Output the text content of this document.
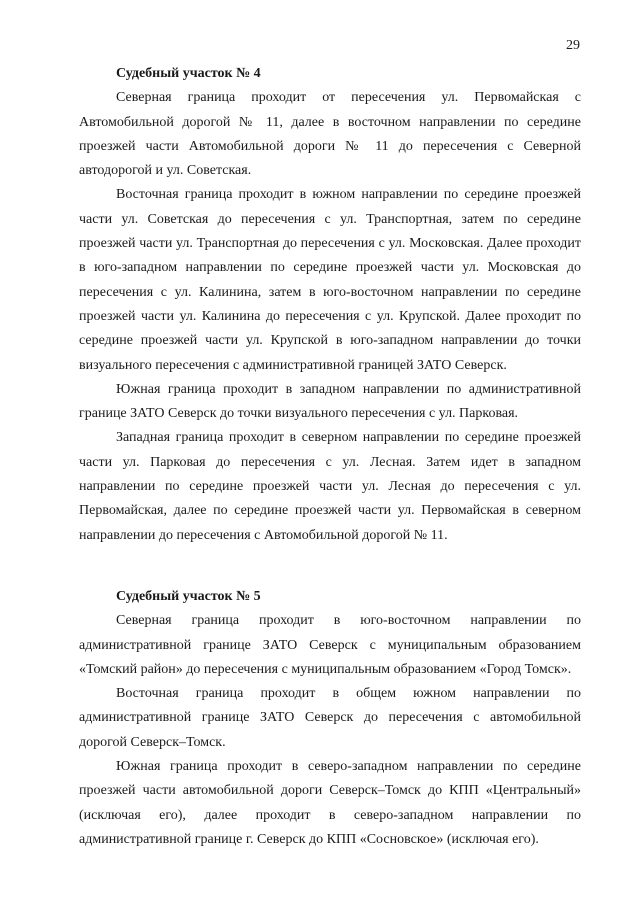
29

Судебный участок № 4

Северная граница проходит от пересечения ул. Первомайская с Автомобильной дорогой № 11, далее в восточном направлении по середине проезжей части Автомобильной дороги № 11 до пересечения с Северной автодорогой и ул. Советская.

Восточная граница проходит в южном направлении по середине проезжей части ул. Советская до пересечения с ул. Транспортная, затем по середине проезжей части ул. Транспортная до пересечения с ул. Московская. Далее проходит в юго-западном направлении по середине проезжей части ул. Московская до пересечения с ул. Калинина, затем в юго-восточном направлении по середине проезжей части ул. Калинина до пересечения с ул. Крупской. Далее проходит по середине проезжей части ул. Крупской в юго-западном направлении до точки визуального пересечения с административной границей ЗАТО Северск.

Южная граница проходит в западном направлении по административной границе ЗАТО Северск до точки визуального пересечения с ул. Парковая.

Западная граница проходит в северном направлении по середине проезжей части ул. Парковая до пересечения с ул. Лесная. Затем идет в западном направлении по середине проезжей части ул. Лесная до пересечения с ул. Первомайская, далее по середине проезжей части ул. Первомайская в северном направлении до пересечения с Автомобильной дорогой № 11.

Судебный участок № 5

Северная граница проходит в юго-восточном направлении по административной границе ЗАТО Северск с муниципальным образованием «Томский район» до пересечения с муниципальным образованием «Город Томск».

Восточная граница проходит в общем южном направлении по административной границе ЗАТО Северск до пересечения с автомобильной дорогой Северск–Томск.

Южная граница проходит в северо-западном направлении по середине проезжей части автомобильной дороги Северск–Томск до КПП «Центральный» (исключая его), далее проходит в северо-западном направлении по административной границе г. Северск до КПП «Сосновское» (исключая его).
